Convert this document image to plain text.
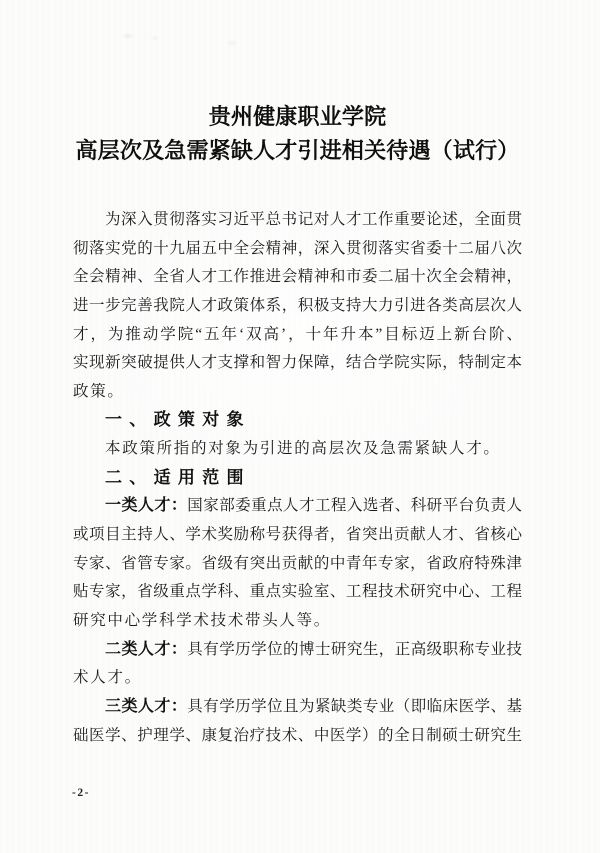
贵州健康职业学院
高层次及急需紧缺人才引进相关待遇（试行）
为深入贯彻落实习近平总书记对人才工作重要论述，全面贯
彻落实党的十九届五中全会精神，深入贯彻落实省委十二届八次
全会精神、全省人才工作推进会精神和市委二届十次全会精神，
进一步完善我院人才政策体系，积极支持大力引进各类高层次人
才，为推动学院“五年‘双高’，十年升本”目标迈上新台阶、
实现新突破提供人才支撑和智力保障，结合学院实际，特制定本
政策。
一、政策对象
本政策所指的对象为引进的高层次及急需紧缺人才。
二、适用范围
一类人才：国家部委重点人才工程入选者、科研平台负责人
或项目主持人、学术奖励称号获得者，省突出贡献人才、省核心
专家、省管专家。省级有突出贡献的中青年专家，省政府特殊津
贴专家，省级重点学科、重点实验室、工程技术研究中心、工程
研究中心学科学术技术带头人等。
二类人才：具有学历学位的博士研究生，正高级职称专业技
术人才。
三类人才：具有学历学位且为紧缺类专业（即临床医学、基
础医学、护理学、康复治疗技术、中医学）的全日制硕士研究生
-2-
